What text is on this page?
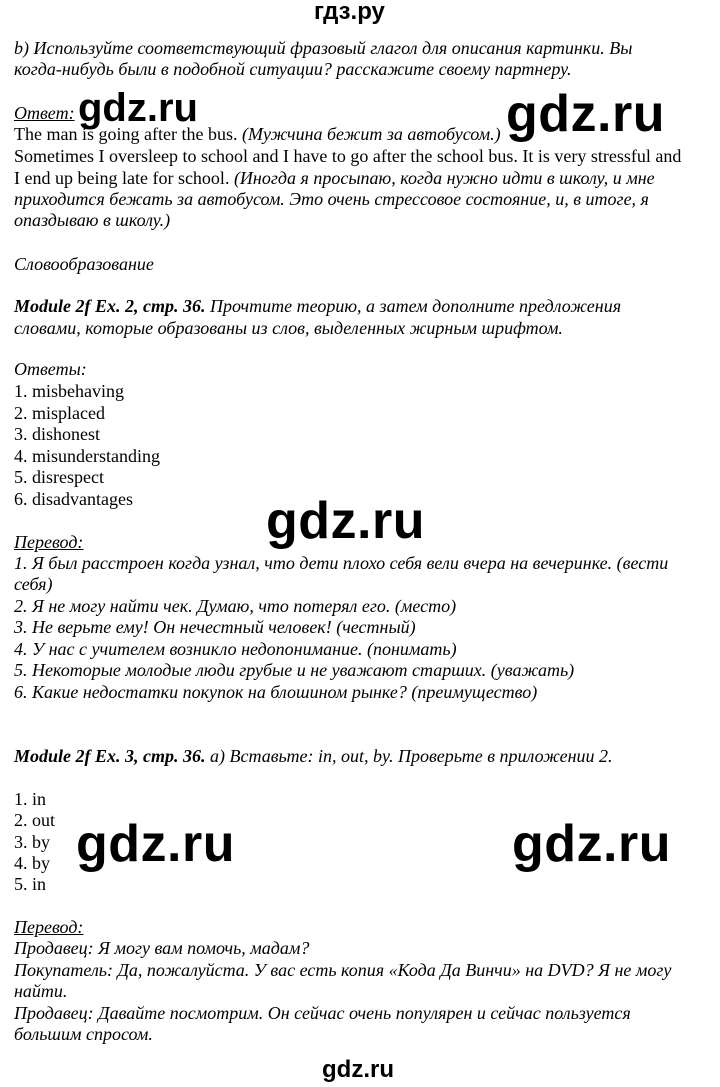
гдз.ру
b) Используйте соответствующий фразовый глагол для описания картинки. Вы
когда-нибудь были в подобной ситуации? расскажите своему партнеру.
Ответ:
The man is going after the bus. (Мужчина бежит за автобусом.)
Sometimes I oversleep to school and I have to go after the school bus. It is very stressful and
I end up being late for school. (Иногда я просыпаю, когда нужно идти в школу, и мне
приходится бежать за автобусом. Это очень стрессовое состояние, и, в итоге, я
опаздываю в школу.)
Словообразование
Module 2f Ex. 2, стр. 36. Прочтите теорию, а затем дополните предложения
словами, которые образованы из слов, выделенных жирным шрифтом.
Ответы:
1. misbehaving
2. misplaced
3. dishonest
4. misunderstanding
5. disrespect
6. disadvantages
Перевод:
1. Я был расстроен когда узнал, что дети плохо себя вели вчера на вечеринке. (вести
себя)
2. Я не могу найти чек. Думаю, что потерял его. (место)
3. Не верьте ему! Он нечестный человек! (честный)
4. У нас с учителем возникло недопонимание. (понимать)
5. Некоторые молодые люди грубые и не уважают старших. (уважать)
6. Какие недостатки покупок на блошином рынке? (преимущество)
Module 2f Ex. 3, стр. 36. a) Вставьте: in, out, by. Проверьте в приложении 2.
1. in
2. out
3. by
4. by
5. in
Перевод:
Продавец: Я могу вам помочь, мадам?
Покупатель: Да, пожалуйста. У вас есть копия «Кода Да Винчи» на DVD? Я не могу
найти.
Продавец: Давайте посмотрим. Он сейчас очень популярен и сейчас пользуется
большим спросом.
gdz.ru	gdz.ru
gdz.ru
gdz.ru	gdz.ru
gdz.ru
